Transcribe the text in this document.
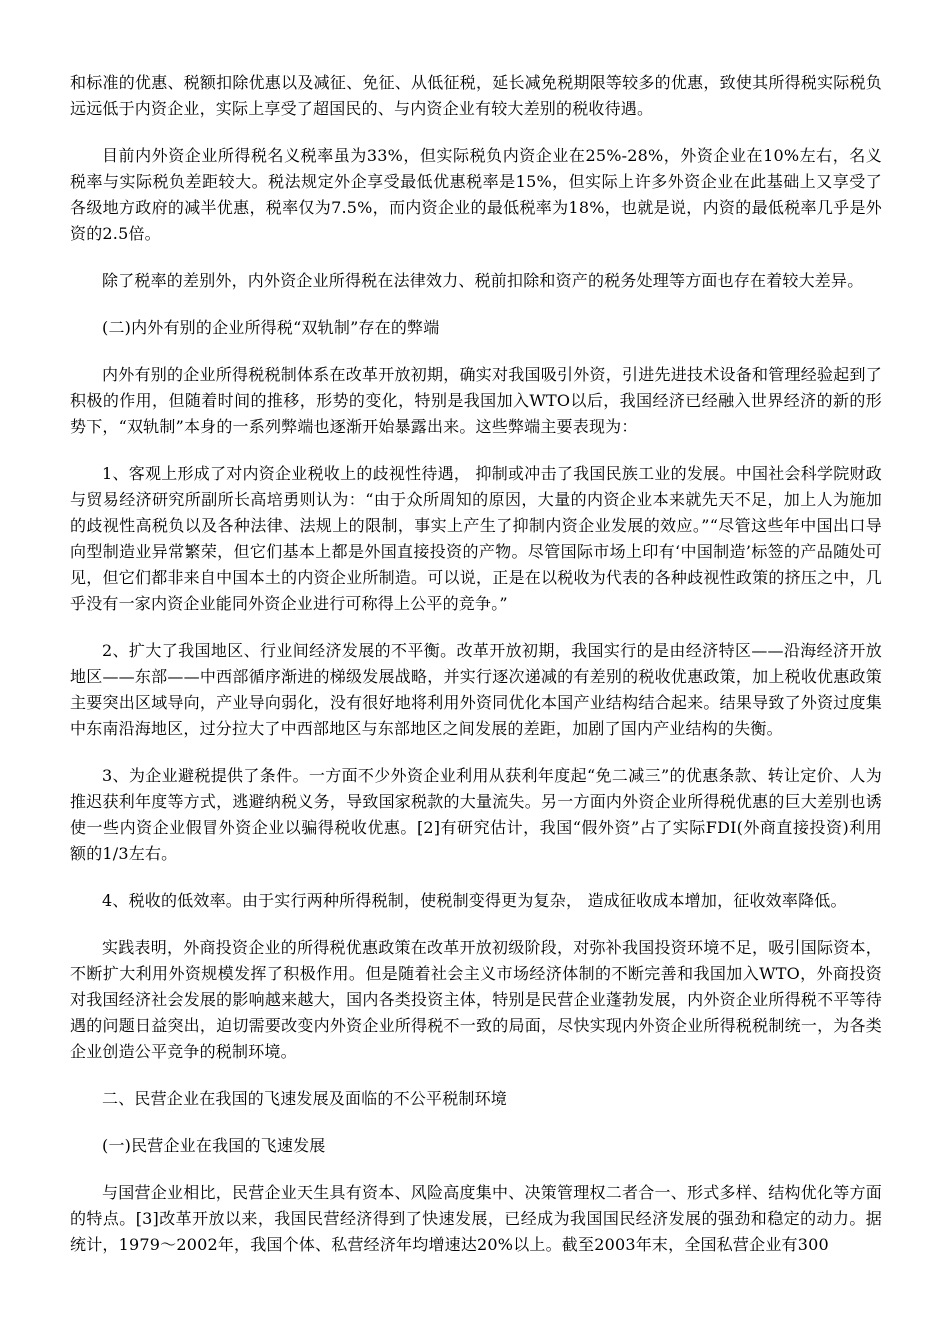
和标准的优惠、税额扣除优惠以及减征、免征、从低征税，延长减免税期限等较多的优惠，致使其所得税实际税负远远低于内资企业，实际上享受了超国民的、与内资企业有较大差别的税收待遇。

目前内外资企业所得税名义税率虽为33%，但实际税负内资企业在25%-28%，外资企业在10%左右，名义税率与实际税负差距较大。税法规定外企享受最低优惠税率是15%，但实际上许多外资企业在此基础上又享受了各级地方政府的减半优惠，税率仅为7.5%，而内资企业的最低税率为18%，也就是说，内资的最低税率几乎是外资的2.5倍。

除了税率的差别外，内外资企业所得税在法律效力、税前扣除和资产的税务处理等方面也存在着较大差异。

(二)内外有别的企业所得税“双轨制”存在的弊端

内外有别的企业所得税税制体系在改革开放初期，确实对我国吸引外资，引进先进技术设备和管理经验起到了积极的作用，但随着时间的推移，形势的变化，特别是我国加入WTO以后，我国经济已经融入世界经济的新的形势下，“双轨制”本身的一系列弊端也逐渐开始暴露出来。这些弊端主要表现为：

1、客观上形成了对内资企业税收上的歧视性待遇， 抑制或冲击了我国民族工业的发展。中国社会科学院财政与贸易经济研究所副所长高培勇则认为：“由于众所周知的原因，大量的内资企业本来就先天不足，加上人为施加的歧视性高税负以及各种法律、法规上的限制，事实上产生了抑制内资企业发展的效应。”“尽管这些年中国出口导向型制造业异常繁荣，但它们基本上都是外国直接投资的产物。尽管国际市场上印有‘中国制造’标签的产品随处可见，但它们都非来自中国本土的内资企业所制造。可以说，正是在以税收为代表的各种歧视性政策的挤压之中，几乎没有一家内资企业能同外资企业进行可称得上公平的竞争。”

2、扩大了我国地区、行业间经济发展的不平衡。改革开放初期，我国实行的是由经济特区——沿海经济开放地区——东部——中西部循序渐进的梯级发展战略，并实行逐次递减的有差别的税收优惠政策，加上税收优惠政策主要突出区域导向，产业导向弱化，没有很好地将利用外资同优化本国产业结构结合起来。结果导致了外资过度集中东南沿海地区，过分拉大了中西部地区与东部地区之间发展的差距，加剧了国内产业结构的失衡。

3、为企业避税提供了条件。一方面不少外资企业利用从获利年度起“免二减三”的优惠条款、转让定价、人为推迟获利年度等方式，逃避纳税义务，导致国家税款的大量流失。另一方面内外资企业所得税优惠的巨大差别也诱使一些内资企业假冒外资企业以骗得税收优惠。[2]有研究估计，我国“假外资”占了实际FDI(外商直接投资)利用额的1/3左右。

4、税收的低效率。由于实行两种所得税制，使税制变得更为复杂， 造成征收成本增加，征收效率降低。

实践表明，外商投资企业的所得税优惠政策在改革开放初级阶段，对弥补我国投资环境不足，吸引国际资本，不断扩大利用外资规模发挥了积极作用。但是随着社会主义市场经济体制的不断完善和我国加入WTO，外商投资对我国经济社会发展的影响越来越大，国内各类投资主体，特别是民营企业蓬勃发展，内外资企业所得税不平等待遇的问题日益突出，迫切需要改变内外资企业所得税不一致的局面，尽快实现内外资企业所得税税制统一，为各类企业创造公平竞争的税制环境。

二、民营企业在我国的飞速发展及面临的不公平税制环境

(一)民营企业在我国的飞速发展

与国营企业相比，民营企业天生具有资本、风险高度集中、决策管理权二者合一、形式多样、结构优化等方面的特点。[3]改革开放以来，我国民营经济得到了快速发展，已经成为我国国民经济发展的强劲和稳定的动力。据统计，1979～2002年，我国个体、私营经济年均增速达20%以上。截至2003年末，全国私营企业有300
